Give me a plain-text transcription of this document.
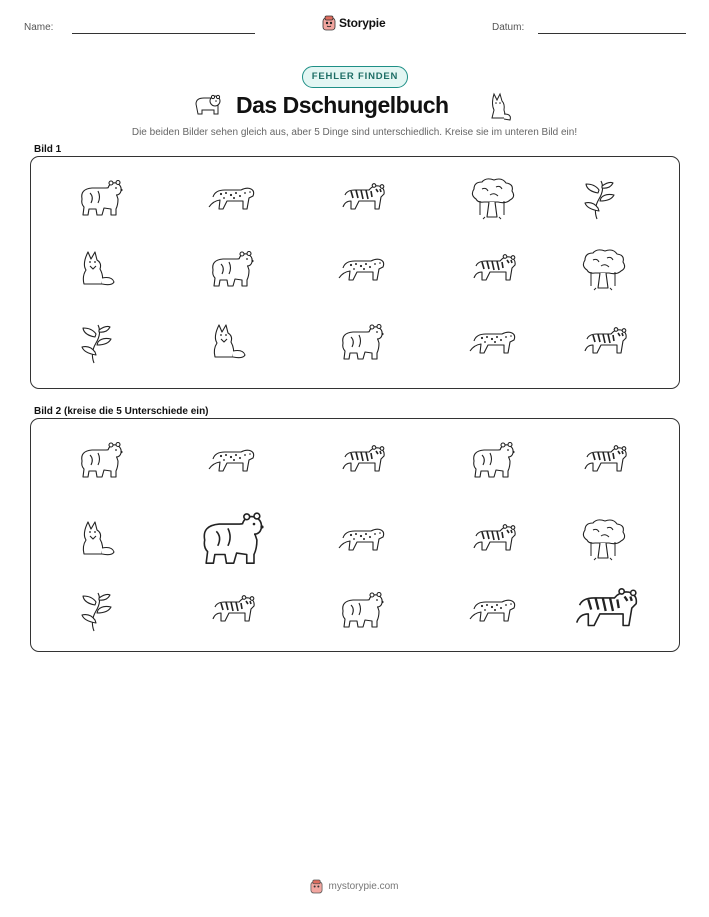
Name:	Storypie	Datum:
FEHLER FINDEN
Das Dschungelbuch
Die beiden Bilder sehen gleich aus, aber 5 Dinge sind unterschiedlich. Kreise sie im unteren Bild ein!
Bild 1
Bild 2 (kreise die 5 Unterschiede ein)
mystorypie.com
